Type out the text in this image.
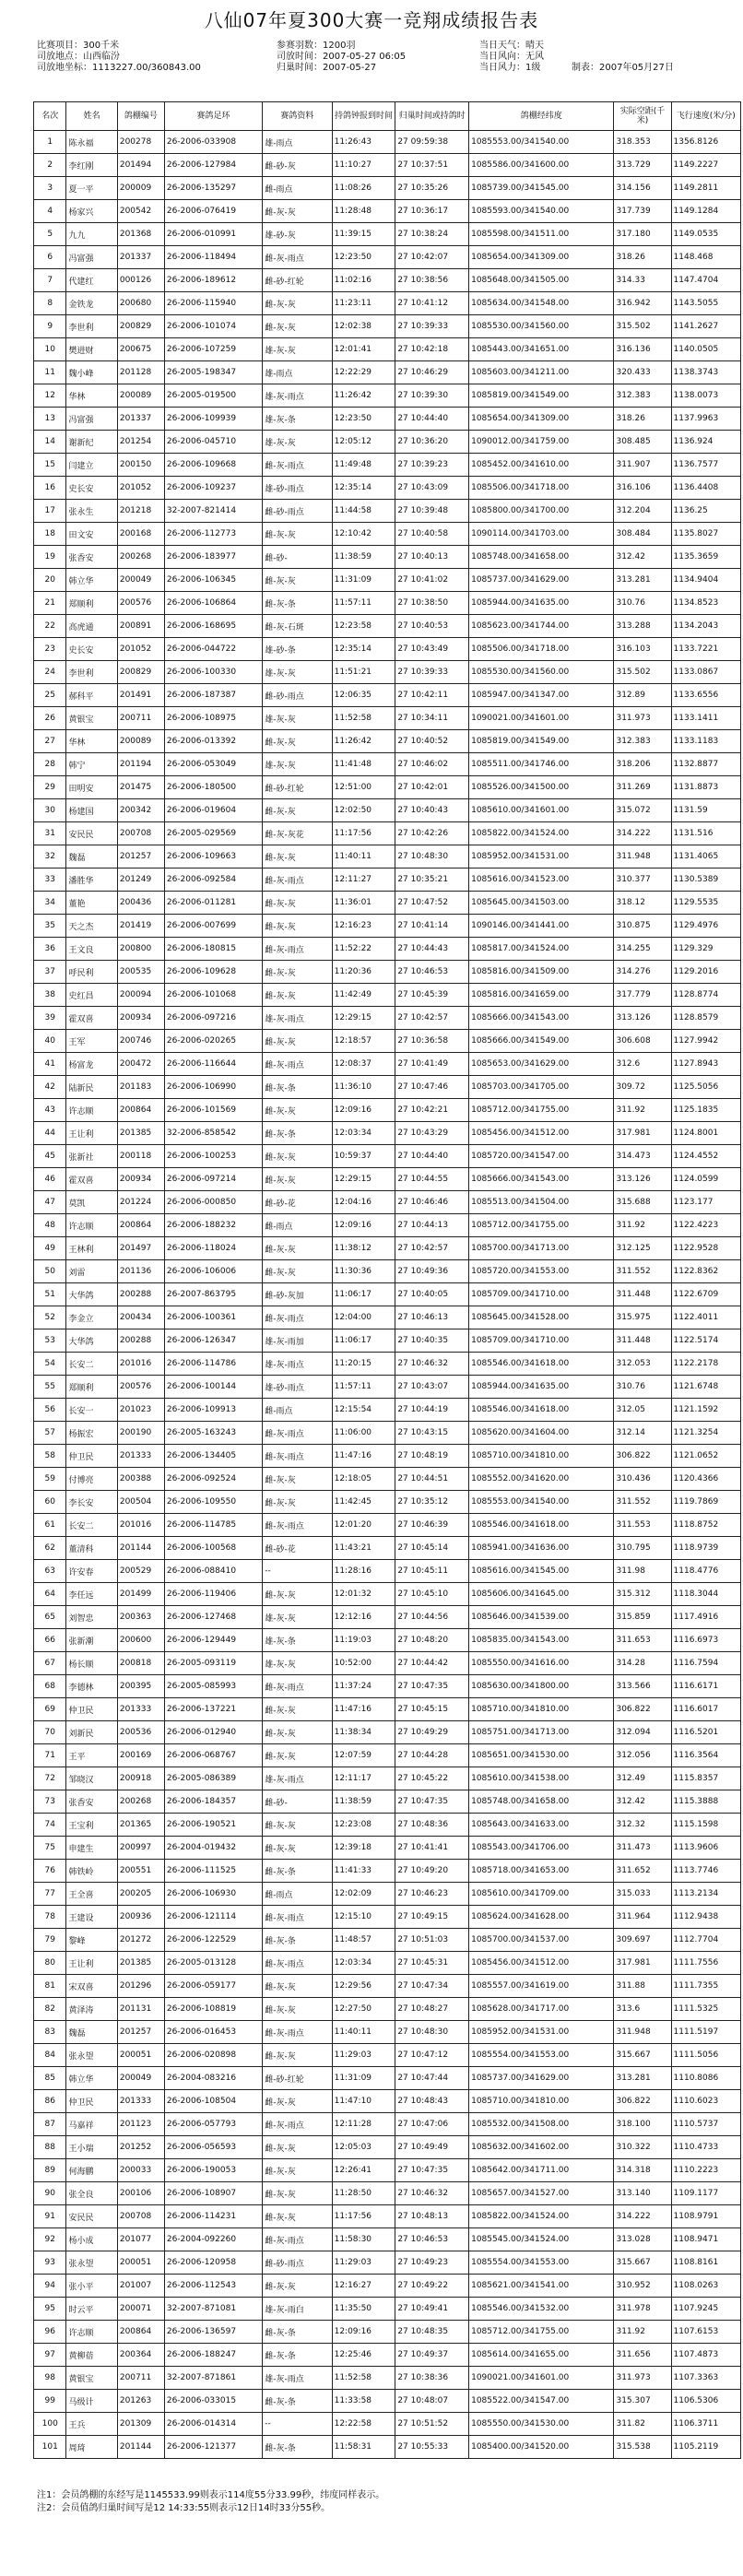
八仙07年夏300大赛一竞翔成绩报告表
比赛项目：300千米
司放地点：山西临汾
司放地坐标：1113227.00/360843.00
参赛羽数：1200羽
司放时间：2007-05-27 06:05
归巢时间：2007-05-27
当日天气：晴天
当日风向：无风
当日风力：1级	制表：2007年05月27日
名次	姓名	鸽棚编号	赛鸽足环	赛鸽资料	持鸽钟报到时间	归巢时间或持鸽时	鸽棚经纬度	实际空距(千米)	飞行速度(米/分)
1	陈永福	200278	26-2006-033908	雄-雨点	11:26:43	27 09:59:38	1085553.00/341540.00	318.353	1356.8126
2	李红刚	201494	26-2006-127984	雌-砂-灰	11:10:27	27 10:37:51	1085586.00/341600.00	313.729	1149.2227
3	夏一平	200009	26-2006-135297	雌-雨点	11:08:26	27 10:35:26	1085739.00/341545.00	314.156	1149.2811
4	杨家兴	200542	26-2006-076419	雌-灰-灰	11:28:48	27 10:36:17	1085593.00/341540.00	317.739	1149.1284
5	九九	201368	26-2006-010991	雄-砂-灰	11:39:15	27 10:38:24	1085598.00/341511.00	317.180	1149.0535
6	冯富强	201337	26-2006-118494	雌-灰-雨点	12:23:50	27 10:42:07	1085654.00/341309.00	318.26	1148.468
7	代建红	000126	26-2006-189612	雌-砂-红轮	11:02:16	27 10:38:56	1085648.00/341505.00	314.33	1147.4704
8	金铁龙	200680	26-2006-115940	雌-灰-灰	11:23:11	27 10:41:12	1085634.00/341548.00	316.942	1143.5055
9	李世利	200829	26-2006-101074	雌-灰-灰	12:02:38	27 10:39:33	1085530.00/341560.00	315.502	1141.2627
10	樊进财	200675	26-2006-107259	雄-灰-灰	12:01:41	27 10:42:18	1085443.00/341651.00	316.136	1140.0505
11	魏小峰	201128	26-2005-198347	雄-雨点	12:22:29	27 10:46:29	1085603.00/341211.00	320.433	1138.3743
12	华林	200089	26-2005-019500	雄-灰-雨点	11:26:42	27 10:39:30	1085819.00/341549.00	312.383	1138.0073
13	冯富强	201337	26-2006-109939	雄-灰-条	12:23:50	27 10:44:40	1085654.00/341309.00	318.26	1137.9963
14	谢新纪	201254	26-2006-045710	雄-灰-灰	12:05:12	27 10:36:20	1090012.00/341759.00	308.485	1136.924
15	闫建立	200150	26-2006-109668	雌-灰-雨点	11:49:48	27 10:39:23	1085452.00/341610.00	311.907	1136.7577
16	史长安	201052	26-2006-109237	雄-砂-雨点	12:35:14	27 10:43:09	1085506.00/341718.00	316.106	1136.4408
17	张永生	201218	32-2007-821414	雌-砂-雨点	11:44:58	27 10:39:48	1085800.00/341700.00	312.204	1136.25
18	田文安	200168	26-2006-112773	雌-灰-灰	12:10:42	27 10:40:58	1090114.00/341703.00	308.484	1135.8027
19	张香安	200268	26-2006-183977	雌-砂-	11:38:59	27 10:40:13	1085748.00/341658.00	312.42	1135.3659
20	韩立华	200049	26-2006-106345	雌-灰-灰	11:31:09	27 10:41:02	1085737.00/341629.00	313.281	1134.9404
21	郑顺利	200576	26-2006-106864	雌-灰-条	11:57:11	27 10:38:50	1085944.00/341635.00	310.76	1134.8523
22	高虎通	200891	26-2006-168695	雌-灰-石斑	12:23:58	27 10:40:53	1085623.00/341744.00	313.288	1134.2043
23	史长安	201052	26-2006-044722	雄-砂-条	12:35:14	27 10:43:49	1085506.00/341718.00	316.103	1133.7221
24	李世利	200829	26-2006-100330	雄-灰-灰	11:51:21	27 10:39:33	1085530.00/341560.00	315.502	1133.0867
25	郝科平	201491	26-2006-187387	雌-砂-雨点	12:06:35	27 10:42:11	1085947.00/341347.00	312.89	1133.6556
26	黄银宝	200711	26-2006-108975	雄-灰-灰	11:52:58	27 10:34:11	1090021.00/341601.00	311.973	1133.1411
27	华林	200089	26-2006-013392	雌-灰-灰	11:26:42	27 10:40:52	1085819.00/341549.00	312.383	1133.1183
28	韩宁	201194	26-2006-053049	雄-灰-灰	11:41:48	27 10:46:02	1085511.00/341746.00	318.206	1132.8877
29	田明安	201475	26-2006-180500	雌-砂-红轮	12:51:00	27 10:42:01	1085526.00/341500.00	311.269	1131.8873
30	杨建国	200342	26-2006-019604	雌-灰-灰	12:02:50	27 10:40:43	1085610.00/341601.00	315.072	1131.59
31	安民民	200708	26-2005-029569	雌-灰-灰花	11:17:56	27 10:42:26	1085822.00/341524.00	314.222	1131.516
32	魏磊	201257	26-2006-109663	雌-灰-灰	11:40:11	27 10:48:30	1085952.00/341531.00	311.948	1131.4065
33	潘胜华	201249	26-2006-092584	雌-灰-雨点	12:11:27	27 10:35:21	1085616.00/341523.00	310.377	1130.5389
34	董艳	200436	26-2006-011281	雌-灰-灰	11:36:01	27 10:47:52	1085645.00/341503.00	318.12	1129.5535
35	天之杰	201419	26-2006-007699	雌-灰-灰	12:16:23	27 10:41:14	1090146.00/341441.00	310.875	1129.4976
36	王文良	200800	26-2006-180815	雌-灰-雨点	11:52:22	27 10:44:43	1085817.00/341524.00	314.255	1129.329
37	呼民利	200535	26-2006-109628	雌-灰-灰	11:20:36	27 10:46:53	1085816.00/341509.00	314.276	1129.2016
38	史红昌	200094	26-2006-101068	雌-灰-灰	11:42:49	27 10:45:39	1085816.00/341659.00	317.779	1128.8774
39	霍双喜	200934	26-2006-097216	雄-灰-雨点	12:29:15	27 10:42:57	1085666.00/341543.00	313.126	1128.8579
40	王军	200746	26-2006-020265	雌-灰-灰	12:18:57	27 10:36:58	1085666.00/341549.00	306.608	1127.9942
41	杨富龙	200472	26-2006-116644	雌-灰-雨点	12:08:37	27 10:41:49	1085653.00/341629.00	312.6	1127.8943
42	陆新民	201183	26-2006-106990	雌-灰-条	11:36:10	27 10:47:46	1085703.00/341705.00	309.72	1125.5056
43	许志顺	200864	26-2006-101569	雌-灰-灰	12:09:16	27 10:42:21	1085712.00/341755.00	311.92	1125.1835
44	王让利	201385	32-2006-858542	雌-灰-条	12:03:34	27 10:43:29	1085456.00/341512.00	317.981	1124.8001
45	张新社	200118	26-2006-100253	雌-灰-灰	10:59:37	27 10:44:40	1085720.00/341547.00	314.473	1124.4552
46	霍双喜	200934	26-2006-097214	雌-灰-灰	12:29:15	27 10:44:55	1085666.00/341543.00	313.126	1124.0599
47	莫凯	201224	26-2006-000850	雌-砂-花	12:04:16	27 10:46:46	1085513.00/341504.00	315.688	1123.177
48	许志顺	200864	26-2006-188232	雌-雨点	12:09:16	27 10:44:13	1085712.00/341755.00	311.92	1122.4223
49	王林利	201497	26-2006-118024	雌-灰-灰	11:38:12	27 10:42:57	1085700.00/341713.00	312.125	1122.9528
50	刘雷	201136	26-2006-106006	雌-灰-灰	11:30:36	27 10:49:36	1085720.00/341553.00	311.552	1122.8362
51	大华鸽	200288	26-2007-863795	雌-砂-灰加	11:06:17	27 10:40:05	1085709.00/341710.00	311.448	1122.6709
52	李金立	200434	26-2006-100361	雌-灰-雨点	12:04:00	27 10:46:13	1085645.00/341528.00	315.975	1122.4011
53	大华鸽	200288	26-2006-126347	雄-灰-雨加	11:06:17	27 10:40:35	1085709.00/341710.00	311.448	1122.5174
54	长安二	201016	26-2006-114786	雄-灰-雨点	11:20:15	27 10:46:32	1085546.00/341618.00	312.053	1122.2178
55	郑顺利	200576	26-2006-100144	雄-砂-雨点	11:57:11	27 10:43:07	1085944.00/341635.00	310.76	1121.6748
56	长安一	201023	26-2006-109913	雌-雨点	12:15:54	27 10:44:19	1085546.00/341618.00	312.05	1121.1592
57	杨振宏	200190	26-2005-163243	雌-灰-雨点	11:06:00	27 10:43:15	1085620.00/341604.00	312.14	1121.3254
58	仲卫民	201333	26-2006-134405	雌-灰-雨点	11:47:16	27 10:48:19	1085710.00/341810.00	306.822	1121.0652
59	付博亮	200388	26-2006-092524	雌-灰-灰	12:18:05	27 10:44:51	1085552.00/341620.00	310.436	1120.4366
60	李长安	200504	26-2006-109550	雌-灰-灰	11:42:45	27 10:35:12	1085553.00/341540.00	311.552	1119.7869
61	长安二	201016	26-2006-114785	雌-灰-雨点	12:01:20	27 10:46:39	1085546.00/341618.00	311.553	1118.8752
62	董清科	201144	26-2006-100568	雌-砂-花	11:43:21	27 10:45:14	1085941.00/341636.00	310.795	1118.9739
63	许安春	200529	26-2006-088410	--	11:28:16	27 10:45:11	1085616.00/341545.00	311.98	1118.4776
64	李任远	201499	26-2006-119406	雌-灰-灰	12:01:32	27 10:45:10	1085606.00/341645.00	315.312	1118.3044
65	刘智忠	200363	26-2006-127468	雄-灰-灰	12:12:16	27 10:44:56	1085646.00/341539.00	315.859	1117.4916
66	张新潮	200600	26-2006-129449	雄-灰-条	11:19:03	27 10:48:20	1085835.00/341543.00	311.653	1116.6973
67	杨长顺	200818	26-2005-093119	雄-灰-灰	10:52:00	27 10:44:42	1085550.00/341616.00	314.28	1116.7594
68	李德林	200395	26-2005-085993	雌-灰-雨点	11:37:24	27 10:47:35	1085630.00/341800.00	313.566	1116.6171
69	仲卫民	201333	26-2006-137221	雌-灰-灰	11:47:16	27 10:45:15	1085710.00/341810.00	306.822	1116.6017
70	刘新民	200536	26-2006-012940	雌-灰-灰	11:38:34	27 10:49:29	1085751.00/341713.00	312.094	1116.5201
71	王平	200169	26-2006-068767	雌-灰-灰	12:07:59	27 10:44:28	1085651.00/341530.00	312.056	1116.3564
72	邹晓汉	200918	26-2005-086389	雄-灰-雨点	12:11:17	27 10:45:22	1085610.00/341538.00	312.49	1115.8357
73	张香安	200268	26-2006-184357	雌-砂-	11:38:59	27 10:47:35	1085748.00/341658.00	312.42	1115.3888
74	王宝利	201365	26-2006-190521	雌-灰-灰	12:23:08	27 10:48:36	1085643.00/341633.00	312.32	1115.1598
75	申建生	200997	26-2004-019432	雌-灰-灰	12:39:18	27 10:41:41	1085543.00/341706.00	311.473	1113.9606
76	韩铁岭	200551	26-2006-111525	雌-灰-条	11:41:33	27 10:49:20	1085718.00/341653.00	311.652	1113.7746
77	王全喜	200205	26-2006-106930	雌-雨点	12:02:09	27 10:46:23	1085610.00/341709.00	315.033	1113.2134
78	王建设	200936	26-2006-121114	雌-灰-雨点	12:15:10	27 10:49:15	1085624.00/341628.00	311.964	1112.9438
79	黎峰	201272	26-2006-122529	雌-灰-条	11:48:57	27 10:51:03	1085700.00/341537.00	309.697	1112.7704
80	王让利	201385	26-2005-013128	雌-灰-雨点	12:03:34	27 10:45:31	1085456.00/341512.00	317.981	1111.7556
81	宋双喜	201296	26-2006-059177	雌-灰-灰	12:29:56	27 10:47:34	1085557.00/341619.00	311.88	1111.7355
82	黄泽涛	201131	26-2006-108819	雌-灰-灰	12:27:50	27 10:48:27	1085628.00/341717.00	313.6	1111.5325
83	魏磊	201257	26-2006-016453	雌-灰-雨点	11:40:11	27 10:48:30	1085952.00/341531.00	311.948	1111.5197
84	张永望	200051	26-2006-020898	雌-灰-灰	11:29:03	27 10:47:12	1085554.00/341553.00	315.667	1111.5056
85	韩立华	200049	26-2004-083216	雌-砂-红轮	11:31:09	27 10:47:44	1085737.00/341629.00	313.281	1110.8086
86	仲卫民	201333	26-2006-108504	雌-灰-灰	11:47:10	27 10:48:43	1085710.00/341810.00	306.822	1110.6023
87	马嘉祥	201123	26-2006-057793	雌-灰-雨点	12:11:28	27 10:47:06	1085532.00/341508.00	318.100	1110.5737
88	王小瑞	201252	26-2006-056593	雌-灰-灰	12:05:03	27 10:49:49	1085632.00/341602.00	310.322	1110.4733
89	何海鹏	200033	26-2006-190053	雌-灰-灰	12:26:41	27 10:47:35	1085642.00/341711.00	314.318	1110.2223
90	张全良	200106	26-2006-108907	雌-灰-灰	11:28:50	27 10:46:32	1085657.00/341527.00	313.140	1109.1177
91	安民民	200708	26-2006-114231	雌-灰-灰	11:17:56	27 10:48:13	1085822.00/341524.00	314.222	1108.9791
92	杨小成	201077	26-2004-092260	雌-灰-雨点	11:58:30	27 10:46:53	1085545.00/341524.00	313.028	1108.9471
93	张永望	200051	26-2006-120958	雌-砂-雨点	11:29:03	27 10:49:23	1085554.00/341553.00	315.667	1108.8161
94	张小平	201007	26-2006-112543	雌-灰-灰	12:16:27	27 10:49:22	1085621.00/341541.00	310.952	1108.0263
95	时云平	200071	32-2007-871081	雄-灰-雨白	11:35:50	27 10:49:41	1085546.00/341532.00	311.978	1107.9245
96	许志顺	200864	26-2006-136597	雌-灰-条	12:09:16	27 10:48:35	1085712.00/341755.00	311.92	1107.6153
97	黄柳蓓	200364	26-2006-188247	雌-灰-条	12:25:46	27 10:49:37	1085614.00/341655.00	311.656	1107.4873
98	黄银宝	200711	32-2007-871861	雄-灰-雨点	11:52:58	27 10:38:36	1090021.00/341601.00	311.973	1107.3363
99	马级计	201263	26-2006-033015	雌-灰-条	11:33:58	27 10:48:07	1085522.00/341547.00	315.307	1106.5306
100	王兵	201309	26-2006-014314	--	12:22:58	27 10:51:52	1085550.00/341530.00	311.82	1106.3711
101	周琦	201144	26-2006-121377	雌-灰-条	11:58:31	27 10:55:33	1085400.00/341520.00	315.538	1105.2119
注1：会员鸽棚的东经写是1145533.99则表示114度55分33.99秒，纬度同样表示。
注2：会员值鸽归巢时间写是12 14:33:55则表示12日14时33分55秒。
